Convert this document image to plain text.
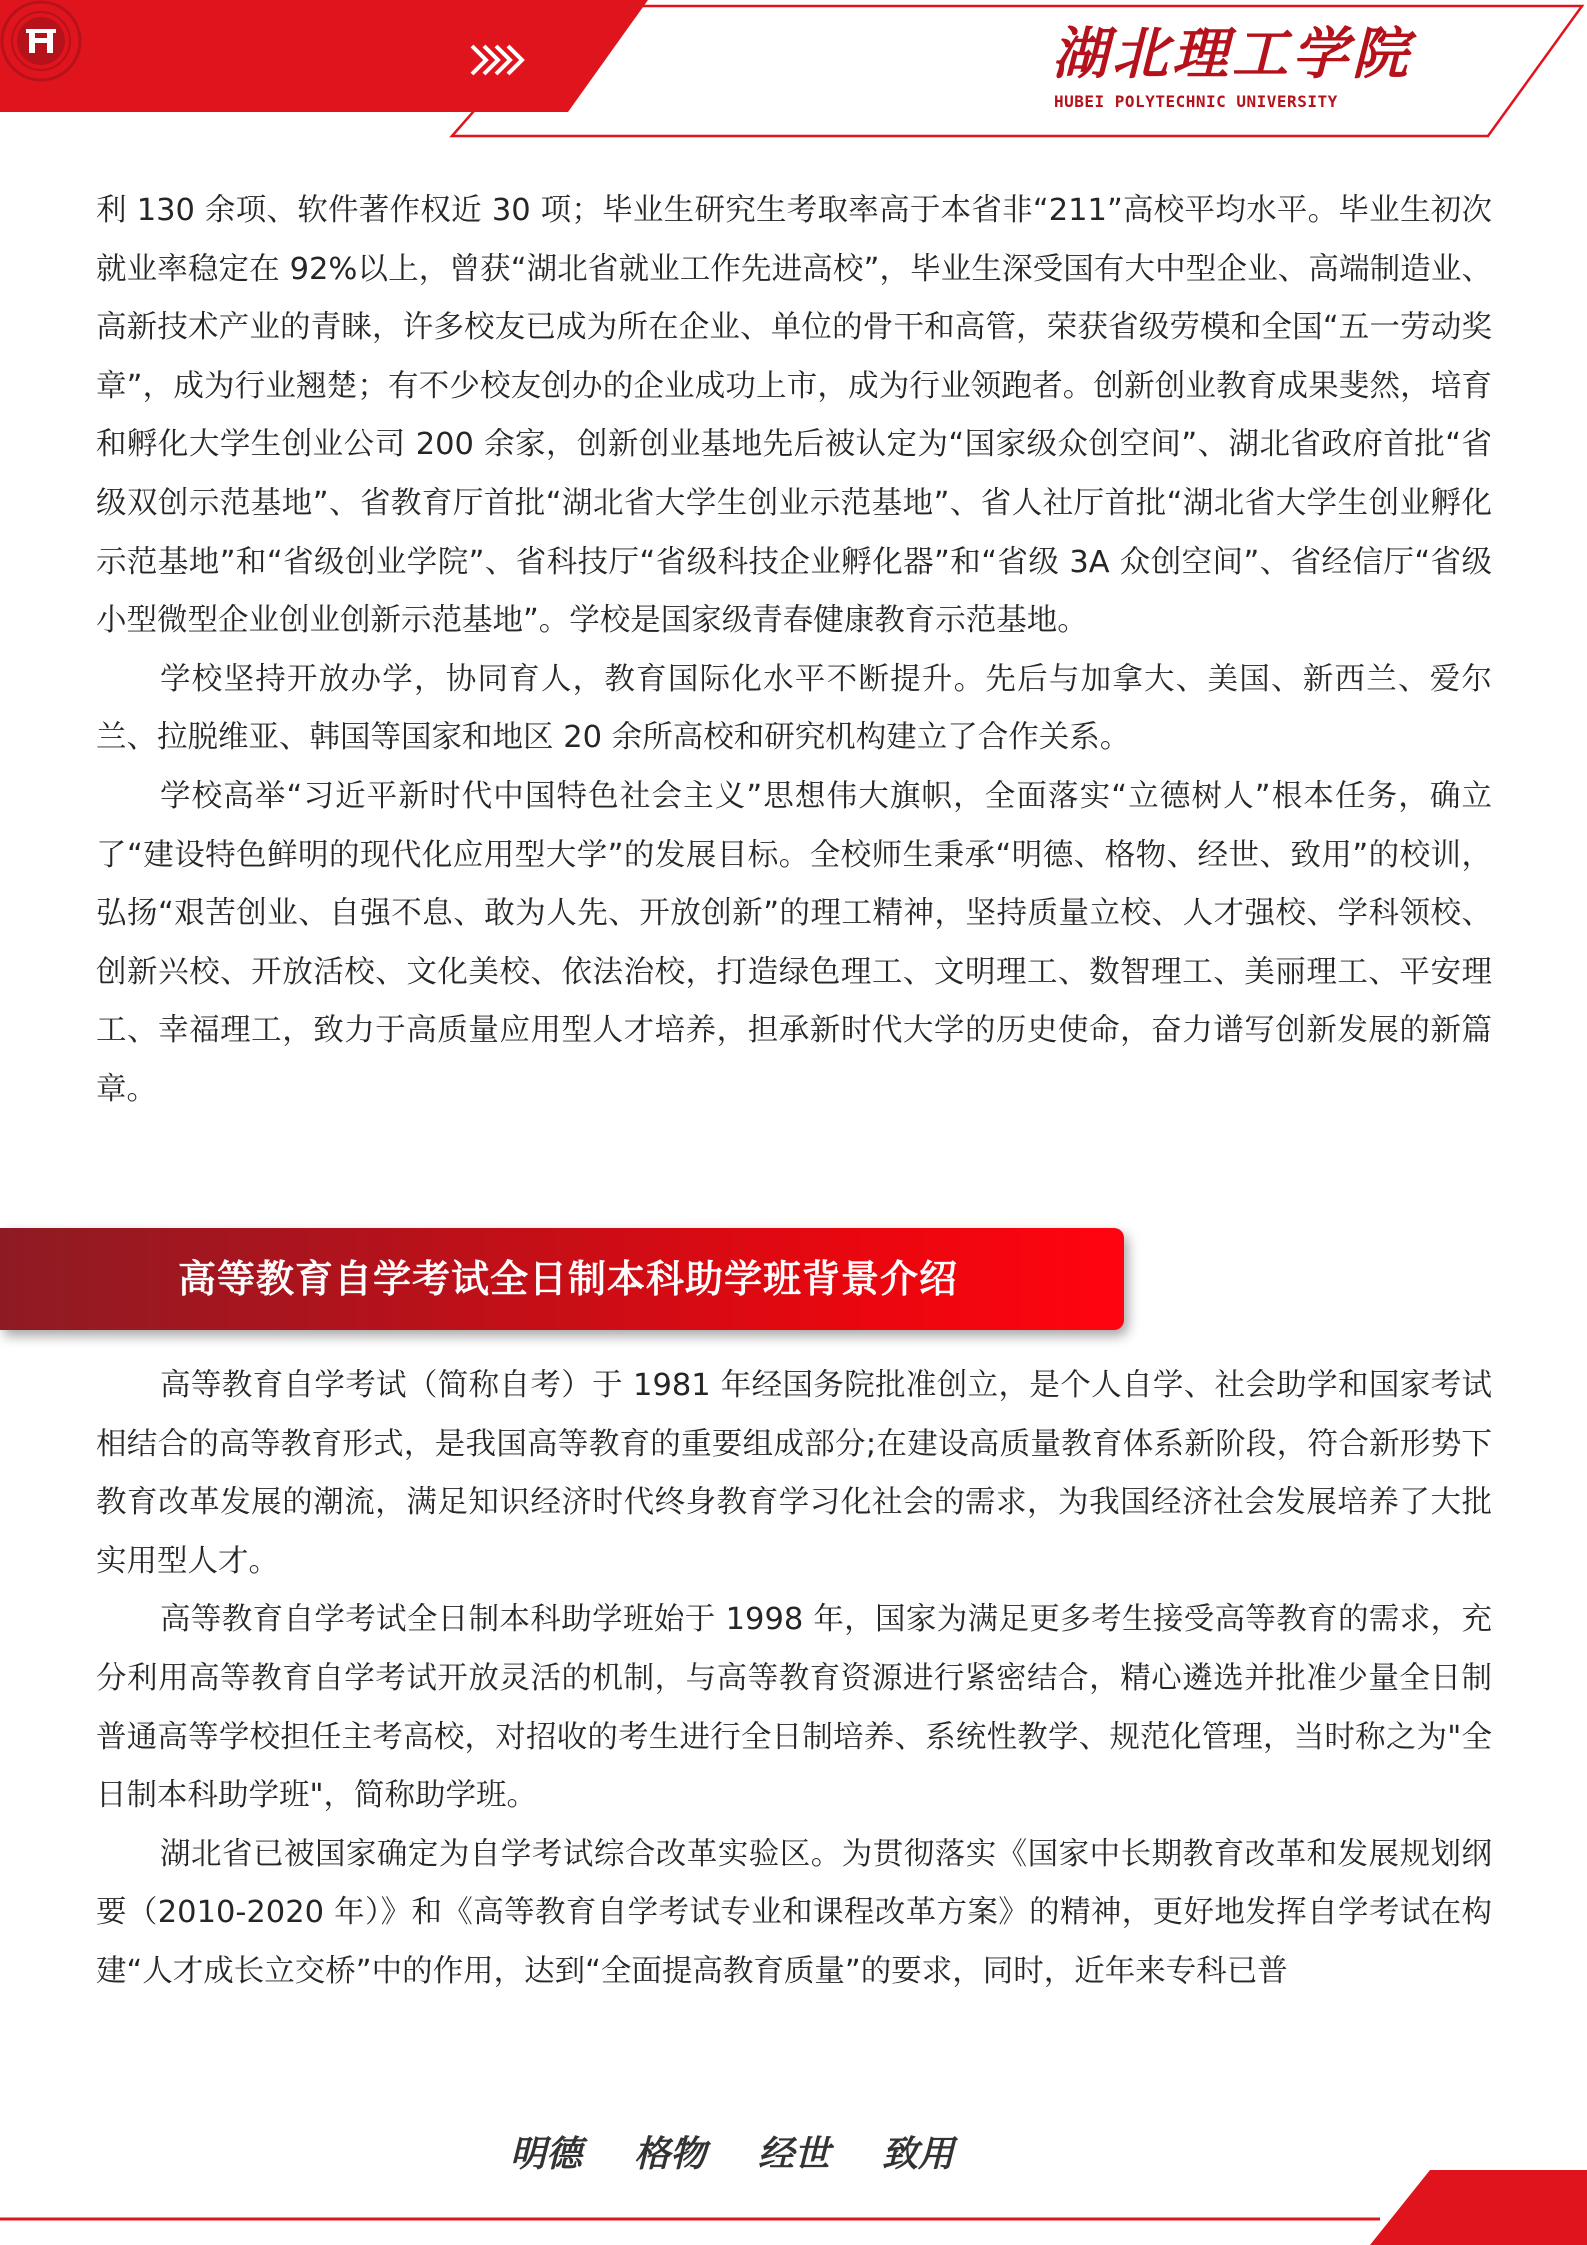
湖北理工学院
HUBEI POLYTECHNIC UNIVERSITY

利 130 余项、软件著作权近 30 项；毕业生研究生考取率高于本省非“211”高校平均水平。毕业生初次就业率稳定在 92%以上，曾获“湖北省就业工作先进高校”，毕业生深受国有大中型企业、高端制造业、高新技术产业的青睐，许多校友已成为所在企业、单位的骨干和高管，荣获省级劳模和全国“五一劳动奖章”，成为行业翘楚；有不少校友创办的企业成功上市，成为行业领跑者。创新创业教育成果斐然，培育和孵化大学生创业公司 200 余家，创新创业基地先后被认定为“国家级众创空间”、湖北省政府首批“省级双创示范基地”、省教育厅首批“湖北省大学生创业示范基地”、省人社厅首批“湖北省大学生创业孵化示范基地”和“省级创业学院”、省科技厅“省级科技企业孵化器”和“省级 3A 众创空间”、省经信厅“省级小型微型企业创业创新示范基地”。学校是国家级青春健康教育示范基地。

学校坚持开放办学，协同育人，教育国际化水平不断提升。先后与加拿大、美国、新西兰、爱尔兰、拉脱维亚、韩国等国家和地区 20 余所高校和研究机构建立了合作关系。

学校高举“习近平新时代中国特色社会主义”思想伟大旗帜，全面落实“立德树人”根本任务，确立了“建设特色鲜明的现代化应用型大学”的发展目标。全校师生秉承“明德、格物、经世、致用”的校训，弘扬“艰苦创业、自强不息、敢为人先、开放创新”的理工精神，坚持质量立校、人才强校、学科领校、创新兴校、开放活校、文化美校、依法治校，打造绿色理工、文明理工、数智理工、美丽理工、平安理工、幸福理工，致力于高质量应用型人才培养，担承新时代大学的历史使命，奋力谱写创新发展的新篇章。

高等教育自学考试全日制本科助学班背景介绍

高等教育自学考试（简称自考）于 1981 年经国务院批准创立，是个人自学、社会助学和国家考试相结合的高等教育形式，是我国高等教育的重要组成部分;在建设高质量教育体系新阶段，符合新形势下教育改革发展的潮流，满足知识经济时代终身教育学习化社会的需求，为我国经济社会发展培养了大批实用型人才。

高等教育自学考试全日制本科助学班始于 1998 年，国家为满足更多考生接受高等教育的需求，充分利用高等教育自学考试开放灵活的机制，与高等教育资源进行紧密结合，精心遴选并批准少量全日制普通高等学校担任主考高校，对招收的考生进行全日制培养、系统性教学、规范化管理，当时称之为"全日制本科助学班"，简称助学班。

湖北省已被国家确定为自学考试综合改革实验区。为贯彻落实《国家中长期教育改革和发展规划纲要（2010-2020 年）》和《高等教育自学考试专业和课程改革方案》的精神，更好地发挥自学考试在构建“人才成长立交桥”中的作用，达到“全面提高教育质量”的要求，同时，近年来专科已普

明德 格物 经世 致用
